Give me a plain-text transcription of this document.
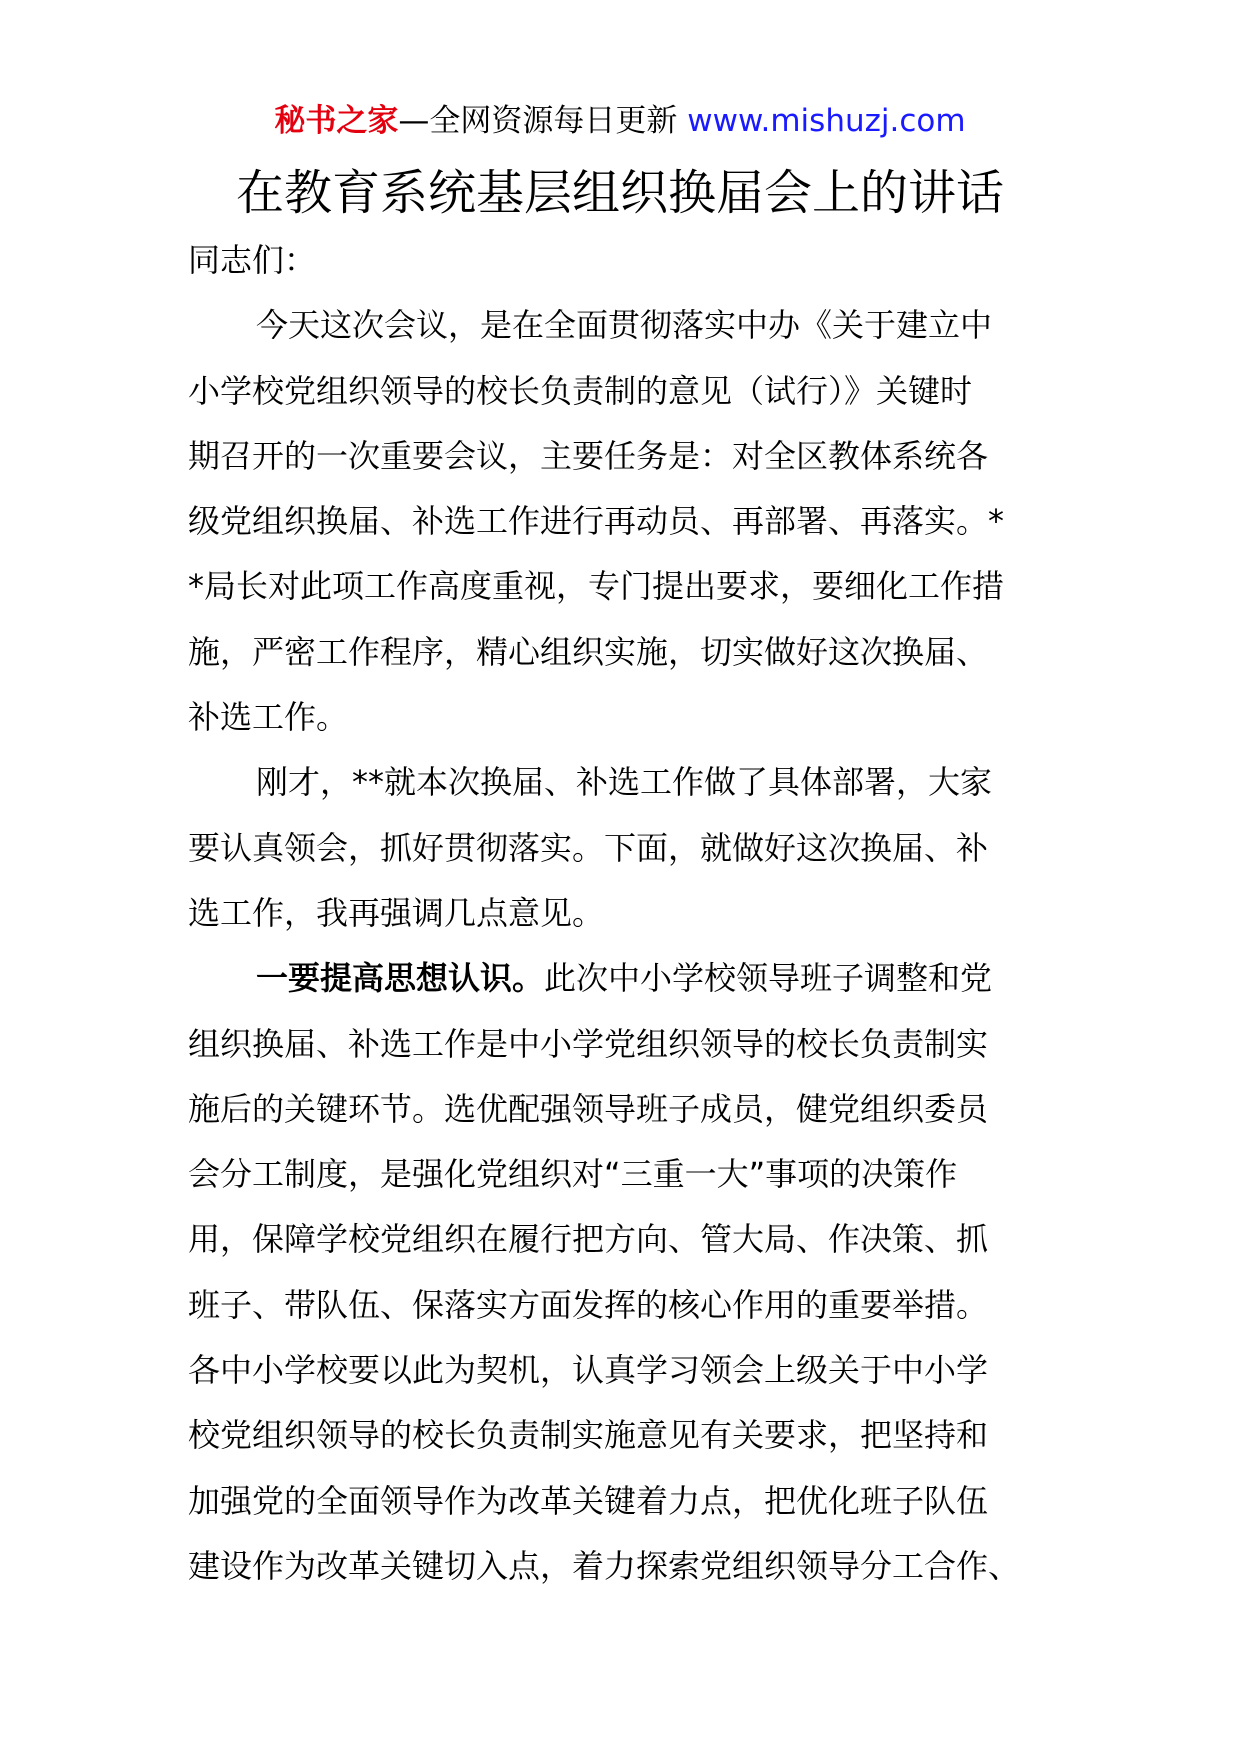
秘书之家—全网资源每日更新 www.mishuzj.com
在教育系统基层组织换届会上的讲话
同志们：
今天这次会议，是在全面贯彻落实中办《关于建立中
小学校党组织领导的校长负责制的意见（试行）》关键时
期召开的一次重要会议，主要任务是：对全区教体系统各
级党组织换届、补选工作进行再动员、再部署、再落实。*
*局长对此项工作高度重视，专门提出要求，要细化工作措
施，严密工作程序，精心组织实施，切实做好这次换届、
补选工作。
刚才，**就本次换届、补选工作做了具体部署，大家
要认真领会，抓好贯彻落实。下面，就做好这次换届、补
选工作，我再强调几点意见。
一要提高思想认识。此次中小学校领导班子调整和党
组织换届、补选工作是中小学党组织领导的校长负责制实
施后的关键环节。选优配强领导班子成员，健党组织委员
会分工制度，是强化党组织对“三重一大”事项的决策作
用，保障学校党组织在履行把方向、管大局、作决策、抓
班子、带队伍、保落实方面发挥的核心作用的重要举措。
各中小学校要以此为契机，认真学习领会上级关于中小学
校党组织领导的校长负责制实施意见有关要求，把坚持和
加强党的全面领导作为改革关键着力点，把优化班子队伍
建设作为改革关键切入点，着力探索党组织领导分工合作、
